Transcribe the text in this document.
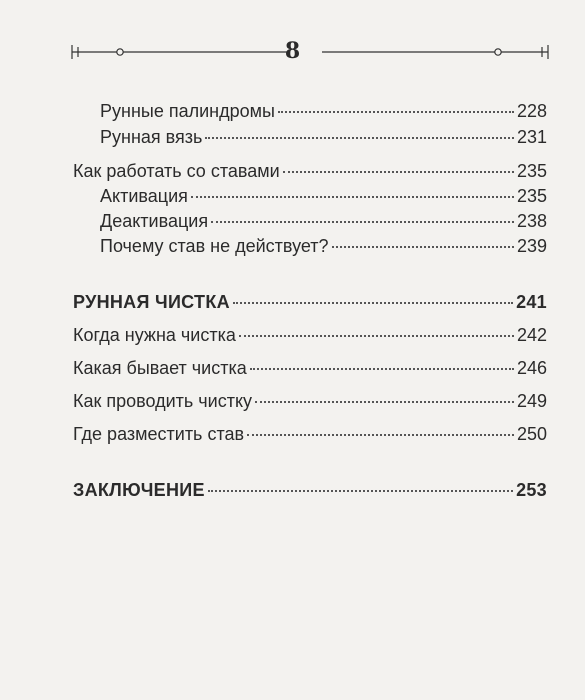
8
Рунные палиндромы	228
Рунная вязь	231
Как работать со ставами	235
Активация	235
Деактивация	238
Почему став не действует?	239
РУННАЯ ЧИСТКА	241
Когда нужна чистка	242
Какая бывает чистка	246
Как проводить чистку	249
Где разместить став	250
ЗАКЛЮЧЕНИЕ	253
